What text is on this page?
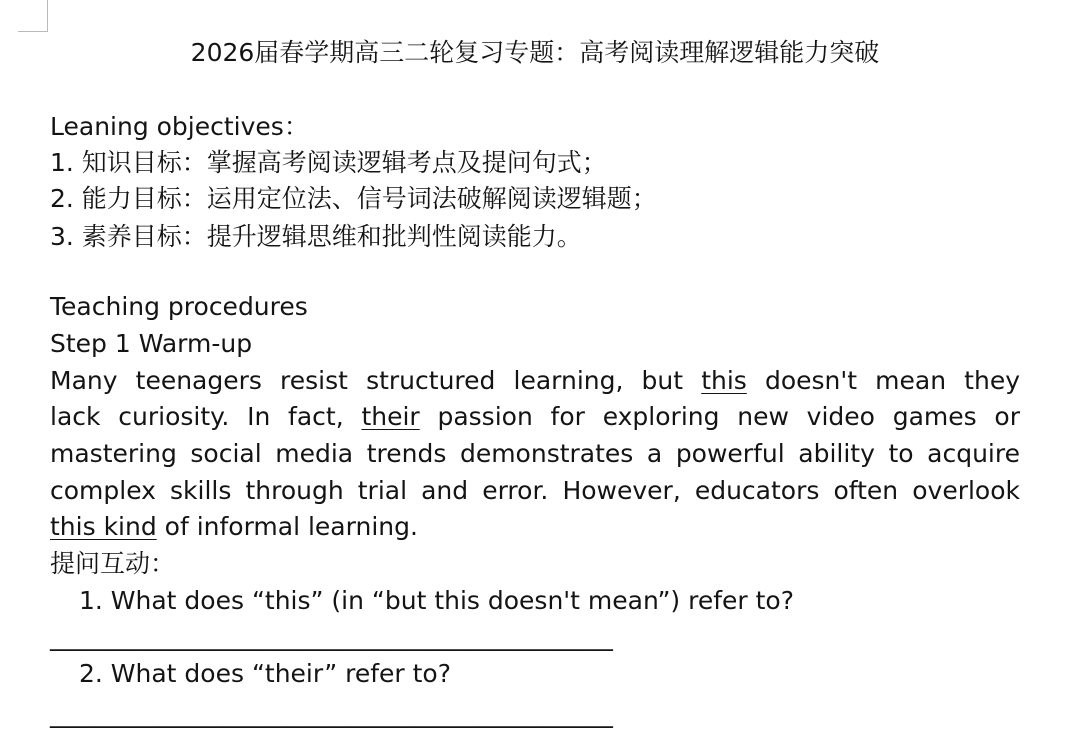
2026届春学期高三二轮复习专题：高考阅读理解逻辑能力突破
Leaning objectives：
1. 知识目标：掌握高考阅读逻辑考点及提问句式；
2. 能力目标：运用定位法、信号词法破解阅读逻辑题；
3. 素养目标：提升逻辑思维和批判性阅读能力。
Teaching procedures
Step 1 Warm-up
Many teenagers resist structured learning, but this doesn't mean they
lack curiosity. In fact, their passion for exploring new video games or
mastering social media trends demonstrates a powerful ability to acquire
complex skills through trial and error. However, educators often overlook
this kind of informal learning.
提问互动：
1. What does “this” (in “but this doesn't mean”) refer to?
____________________________________________
2. What does “their” refer to?
____________________________________________
